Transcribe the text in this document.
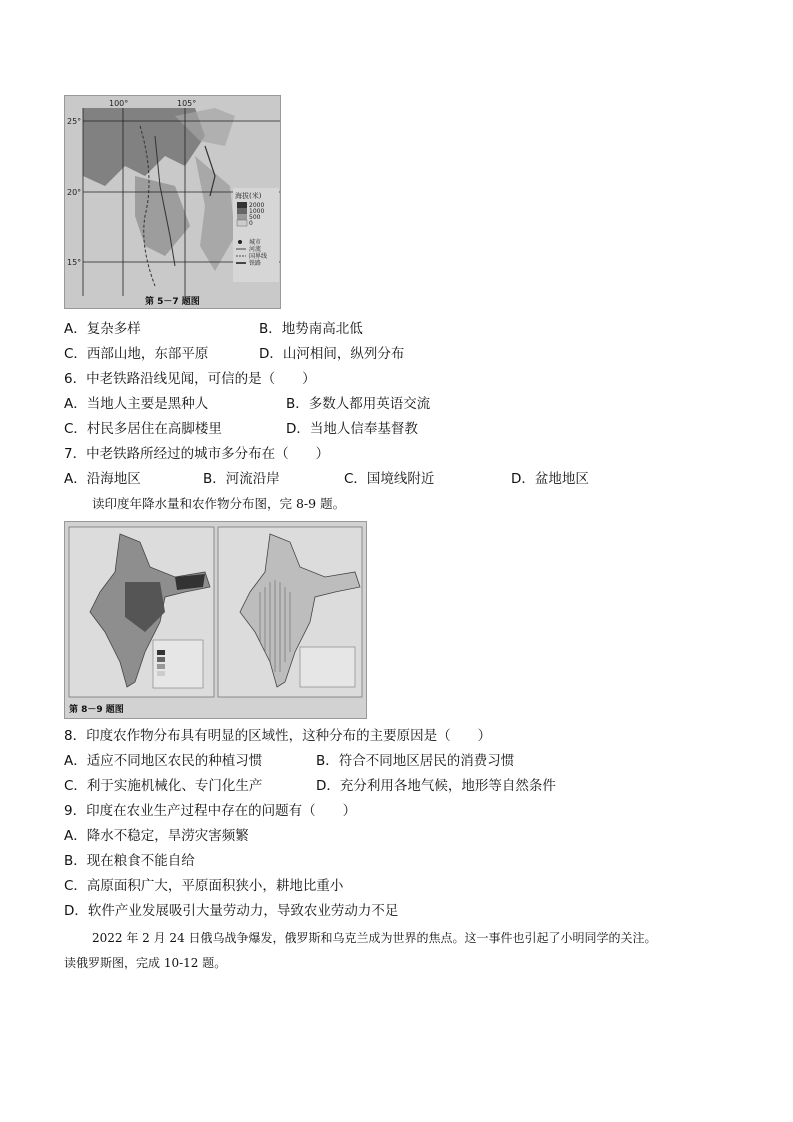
100°	105°
25°
20°
15°
海拔(米)
2000
1000
500
0
城市
河流
国界线
铁路
第 5－7 题图
A．复杂多样	B．地势南高北低
C．西部山地，东部平原	D．山河相间，纵列分布
6．中老铁路沿线见闻，可信的是（　　）
A．当地人主要是黑种人	B．多数人都用英语交流
C．村民多居住在高脚楼里	D．当地人信奉基督教
7．中老铁路所经过的城市多分布在（　　）
A．沿海地区	B．河流沿岸	C．国境线附近	D．盆地地区
读印度年降水量和农作物分布图，完 8-9 题。
第 8－9 题图
8．印度农作物分布具有明显的区域性，这种分布的主要原因是（　　）
A．适应不同地区农民的种植习惯	B．符合不同地区居民的消费习惯
C．利于实施机械化、专门化生产	D．充分利用各地气候，地形等自然条件
9．印度在农业生产过程中存在的问题有（　　）
A．降水不稳定，旱涝灾害频繁
B．现在粮食不能自给
C．高原面积广大，平原面积狭小，耕地比重小
D．软件产业发展吸引大量劳动力，导致农业劳动力不足
2022 年 2 月 24 日俄乌战争爆发，俄罗斯和乌克兰成为世界的焦点。这一事件也引起了小明同学的关注。
读俄罗斯图，完成 10-12 题。
